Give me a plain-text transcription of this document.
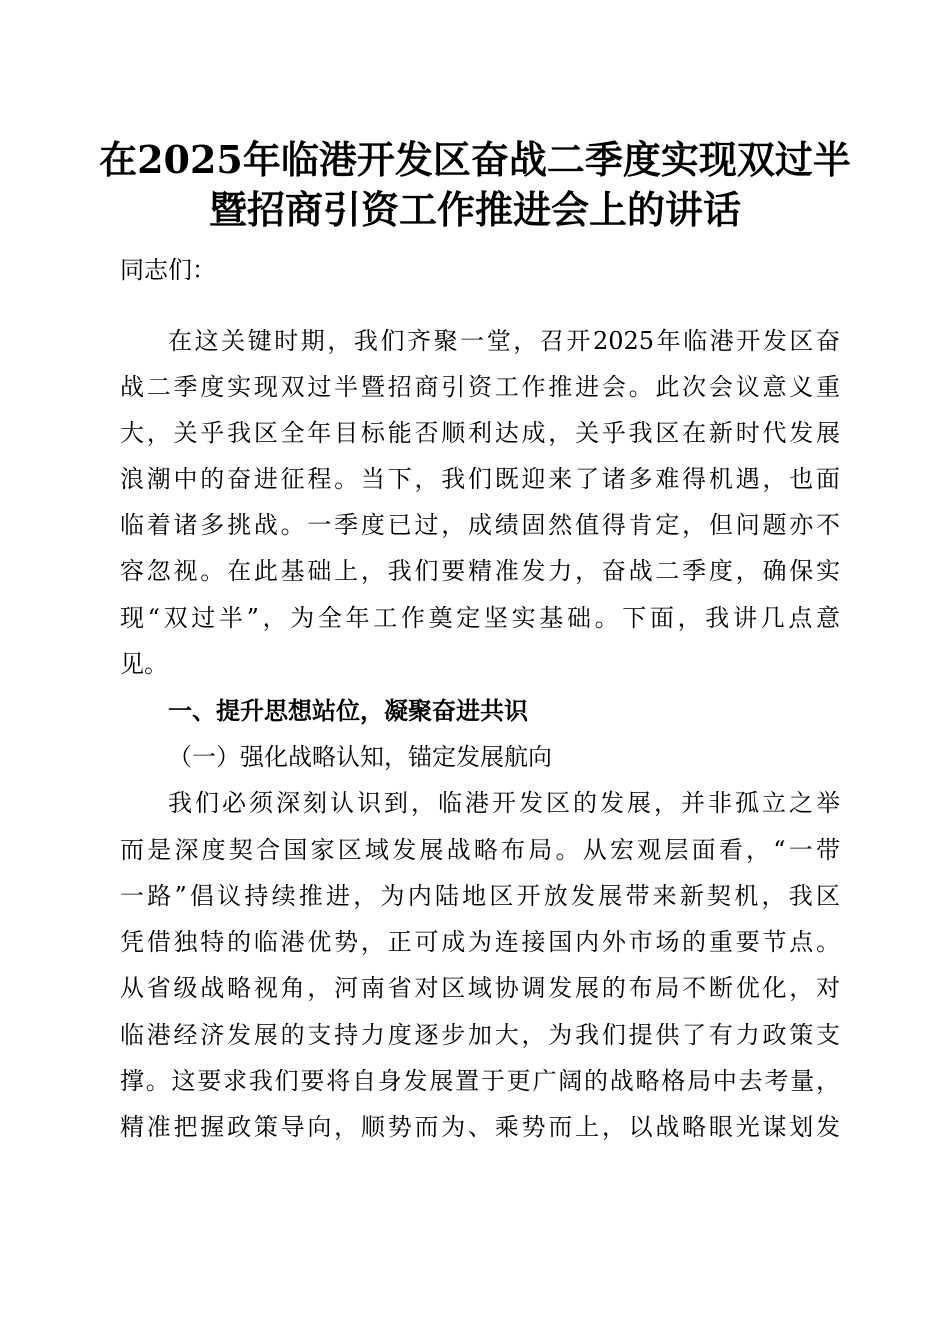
在2025年临港开发区奋战二季度实现双过半
暨招商引资工作推进会上的讲话
同志们：
在这关键时期，我们齐聚一堂，召开2025年临港开发区奋
战二季度实现双过半暨招商引资工作推进会。此次会议意义重
大，关乎我区全年目标能否顺利达成，关乎我区在新时代发展
浪潮中的奋进征程。当下，我们既迎来了诸多难得机遇，也面
临着诸多挑战。一季度已过，成绩固然值得肯定，但问题亦不
容忽视。在此基础上，我们要精准发力，奋战二季度，确保实
现“双过半”，为全年工作奠定坚实基础。下面，我讲几点意
见。
一、提升思想站位，凝聚奋进共识
（一）强化战略认知，锚定发展航向
我们必须深刻认识到，临港开发区的发展，并非孤立之举
而是深度契合国家区域发展战略布局。从宏观层面看，“一带
一路”倡议持续推进，为内陆地区开放发展带来新契机，我区
凭借独特的临港优势，正可成为连接国内外市场的重要节点。
从省级战略视角，河南省对区域协调发展的布局不断优化，对
临港经济发展的支持力度逐步加大，为我们提供了有力政策支
撑。这要求我们要将自身发展置于更广阔的战略格局中去考量，
精准把握政策导向，顺势而为、乘势而上，以战略眼光谋划发
